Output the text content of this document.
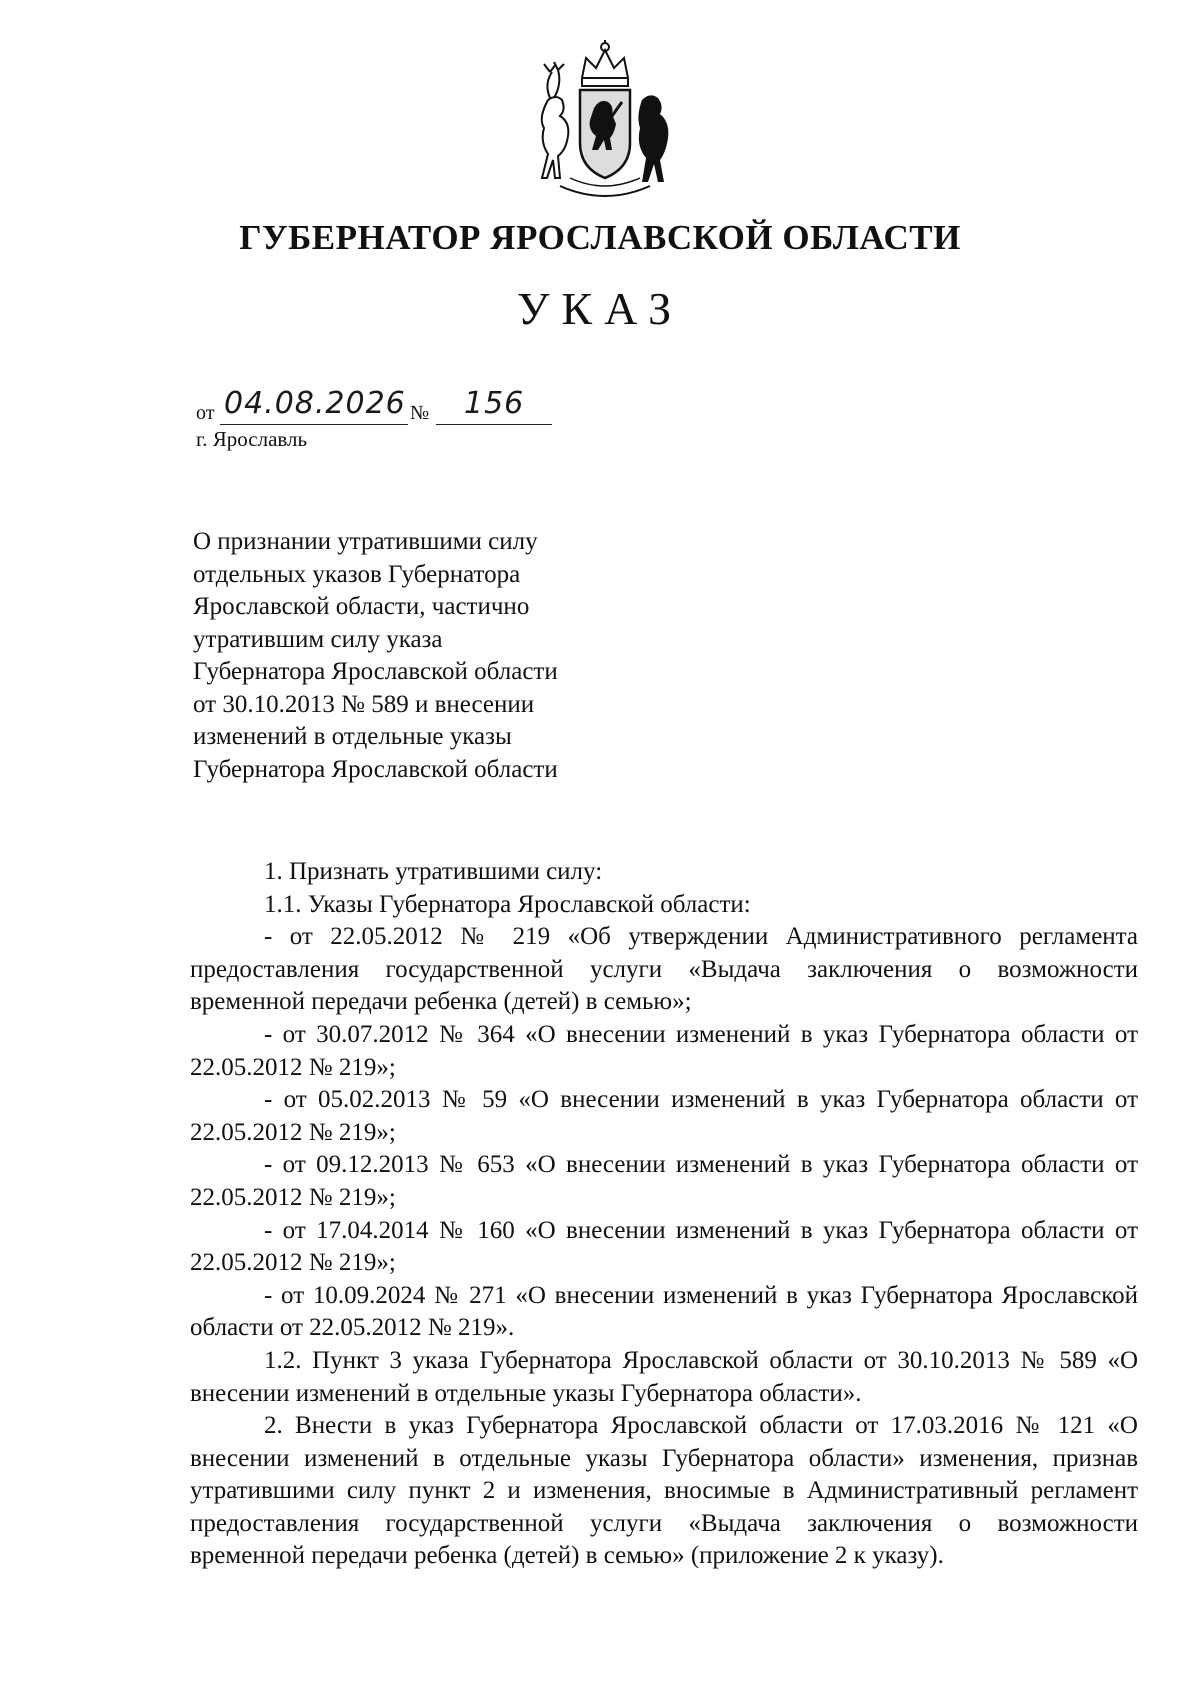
ГУБЕРНАТОР ЯРОСЛАВСКОЙ ОБЛАСТИ
УКАЗ
от 04.08.2026 № 156
г. Ярославль
О признании утратившими силу
отдельных указов Губернатора
Ярославской области, частично
утратившим силу указа
Губернатора Ярославской области
от 30.10.2013 № 589 и внесении
изменений в отдельные указы
Губернатора Ярославской области

1. Признать утратившими силу:

1.1. Указы Губернатора Ярославской области:

- от 22.05.2012 № 219 «Об утверждении Административного регламента предоставления государственной услуги «Выдача заключения о возможности временной передачи ребенка (детей) в семью»;

- от 30.07.2012 № 364 «О внесении изменений в указ Губернатора области от 22.05.2012 № 219»;

- от 05.02.2013 № 59 «О внесении изменений в указ Губернатора области от 22.05.2012 № 219»;

- от 09.12.2013 № 653 «О внесении изменений в указ Губернатора области от 22.05.2012 № 219»;

- от 17.04.2014 № 160 «О внесении изменений в указ Губернатора области от 22.05.2012 № 219»;

- от 10.09.2024 № 271 «О внесении изменений в указ Губернатора Ярославской области от 22.05.2012 № 219».

1.2. Пункт 3 указа Губернатора Ярославской области от 30.10.2013 № 589 «О внесении изменений в отдельные указы Губернатора области».

2. Внести в указ Губернатора Ярославской области от 17.03.2016 № 121 «О внесении изменений в отдельные указы Губернатора области» изменения, признав утратившими силу пункт 2 и изменения, вносимые в Административный регламент предоставления государственной услуги «Выдача заключения о возможности временной передачи ребенка (детей) в семью» (приложение 2 к указу).
